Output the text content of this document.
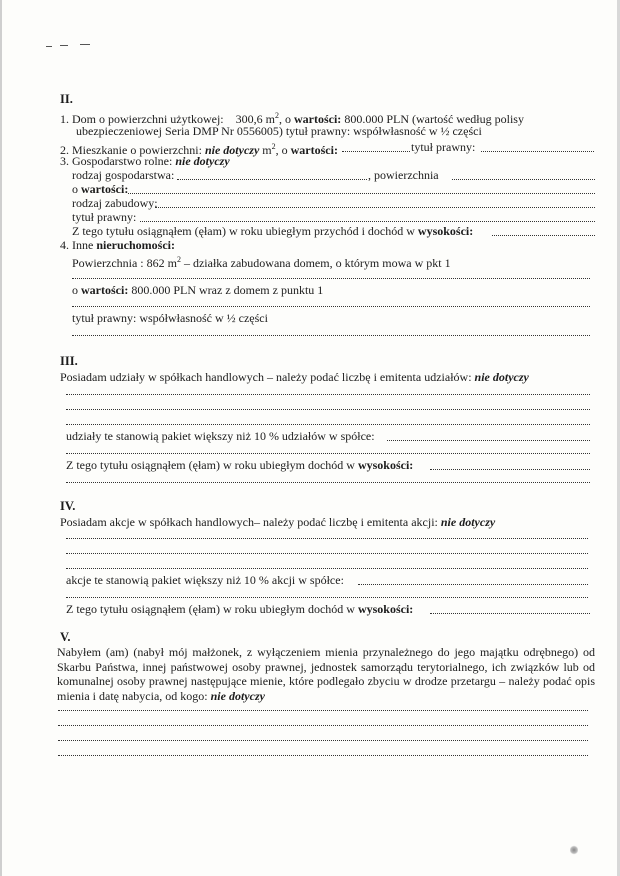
II.
1. Dom o powierzchni użytkowej: 300,6 $m^2$, o wartości: 800.000 PLN (wartość według polisy
ubezpieczeniowej Seria DMP Nr 0556005) tytuł prawny: współwłasność w ½ części
2. Mieszkanie o powierzchni: nie dotyczy $m^2$, o wartości:	tytuł prawny:
3. Gospodarstwo rolne: nie dotyczy
rodzaj gospodarstwa:	, powierzchnia
o wartości:
rodzaj zabudowy:
tytuł prawny:
Z tego tytułu osiągnąłem (ęłam) w roku ubiegłym przychód i dochód w wysokości:
4. Inne nieruchomości:
Powierzchnia : 862 $m^2$ – działka zabudowana domem, o którym mowa w pkt 1
o wartości: 800.000 PLN wraz z domem z punktu 1
tytuł prawny: współwłasność w ½ części
III.
Posiadam udziały w spółkach handlowych – należy podać liczbę i emitenta udziałów: nie dotyczy
udziały te stanowią pakiet większy niż 10 % udziałów w spółce:
Z tego tytułu osiągnąłem (ęłam) w roku ubiegłym dochód w wysokości:
IV.
Posiadam akcje w spółkach handlowych– należy podać liczbę i emitenta akcji: nie dotyczy
akcje te stanowią pakiet większy niż 10 % akcji w spółce:
Z tego tytułu osiągnąłem (ęłam) w roku ubiegłym dochód w wysokości:
V.
Nabyłem (am) (nabył mój małżonek, z wyłączeniem mienia przynależnego do jego majątku odrębnego) od Skarbu Państwa, innej państwowej osoby prawnej, jednostek samorządu terytorialnego, ich związków lub od komunalnej osoby prawnej następujące mienie, które podlegało zbyciu w drodze przetargu – należy podać opis mienia i datę nabycia, od kogo: nie dotyczy
